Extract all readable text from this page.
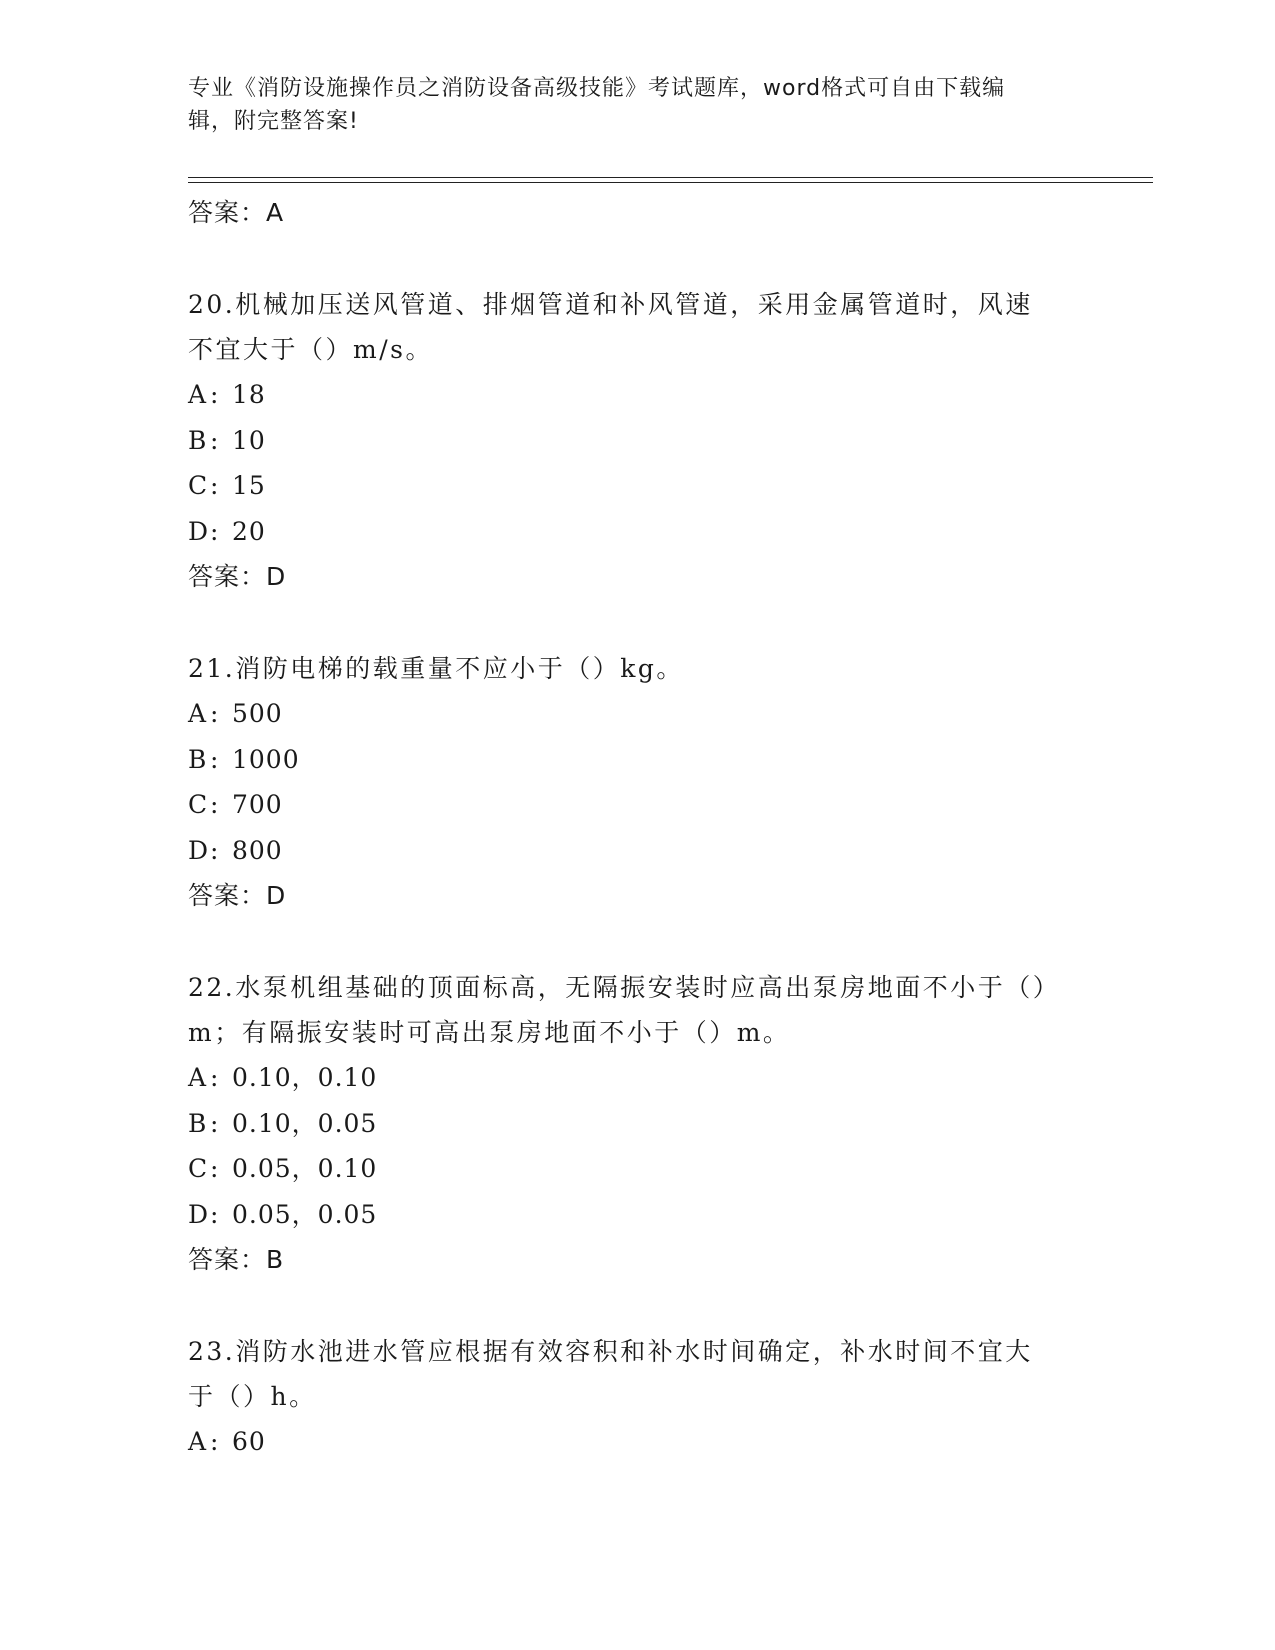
专业《消防设施操作员之消防设备高级技能》考试题库，word格式可自由下载编
辑，附完整答案!
答案：A
20.机械加压送风管道、排烟管道和补风管道，采用金属管道时，风速不宜大于（）m/s。
A : 18
B : 10
C: 15
D: 20
答案：D
21.消防电梯的载重量不应小于（）kg。
A : 500
B : 1000
C: 700
D: 800
答案：D
22.水泵机组基础的顶面标高，无隔振安装时应高出泵房地面不小于（）m；有隔振安装时可高出泵房地面不小于（）m。
A : 0.10，0.10
B : 0.10，0.05
C: 0.05，0.10
D: 0.05，0.05
答案：B
23.消防水池进水管应根据有效容积和补水时间确定，补水时间不宜大于（）h。
A : 60
